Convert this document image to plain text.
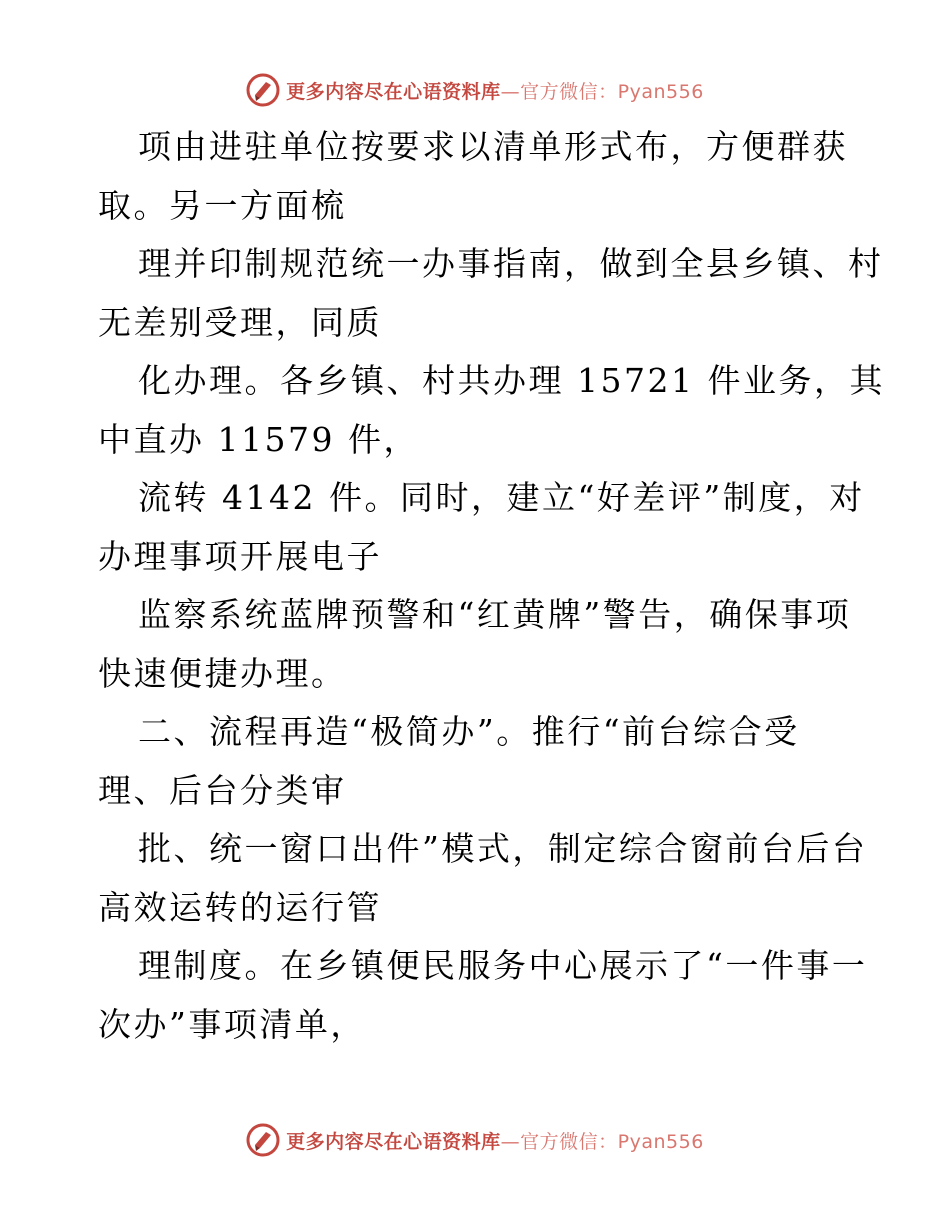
更多内容尽在心语资料库—官方微信：Pyan556

项由进驻单位按要求以清单形式布，方便群获

取。另一方面梳

理并印制规范统一办事指南，做到全县乡镇、村

无差别受理，同质

化办理。各乡镇、村共办理 15721 件业务，其

中直办 11579 件，

流转 4142 件。同时，建立“好差评”制度，对

办理事项开展电子

监察系统蓝牌预警和“红黄牌”警告，确保事项

快速便捷办理。

二、流程再造“极简办”。推行“前台综合受

理、后台分类审

批、统一窗口出件”模式，制定综合窗前台后台

高效运转的运行管

理制度。在乡镇便民服务中心展示了“一件事一

次办”事项清单，

更多内容尽在心语资料库—官方微信：Pyan556
